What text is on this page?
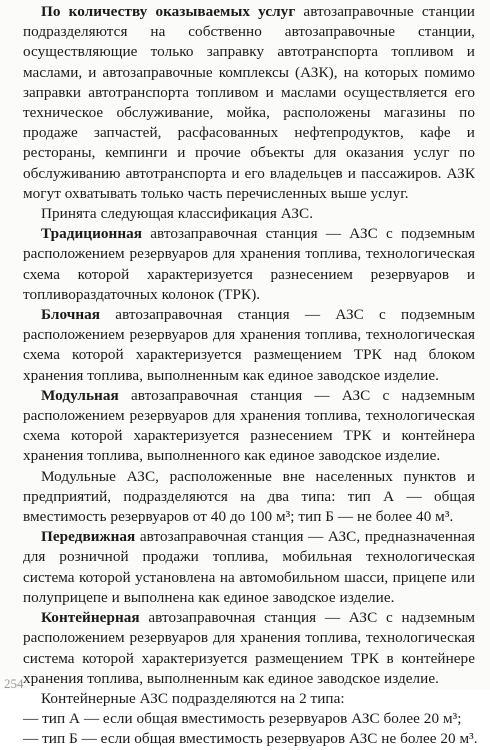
По количеству оказываемых услуг автозаправочные станции подразделяются на собственно автозаправочные станции, осуществляющие только заправку автотранспорта топливом и маслами, и автозаправочные комплексы (АЗК), на которых помимо заправки автотранспорта топливом и маслами осуществляется его техническое обслуживание, мойка, расположены магазины по продаже запчастей, расфасованных нефтепродуктов, кафе и рестораны, кемпинги и прочие объекты для оказания услуг по обслуживанию автотранспорта и его владельцев и пассажиров. АЗК могут охватывать только часть перечисленных выше услуг.

Принята следующая классификация АЗС.

Традиционная автозаправочная станция — АЗС с подземным расположением резервуаров для хранения топлива, технологическая схема которой характеризуется разнесением резервуаров и топливораздаточных колонок (ТРК).

Блочная автозаправочная станция — АЗС с подземным расположением резервуаров для хранения топлива, технологическая схема которой характеризуется размещением ТРК над блоком хранения топлива, выполненным как единое заводское изделие.

Модульная автозаправочная станция — АЗС с надземным расположением резервуаров для хранения топлива, технологическая схема которой характеризуется разнесением ТРК и контейнера хранения топлива, выполненного как единое заводское изделие.

Модульные АЗС, расположенные вне населенных пунктов и предприятий, подразделяются на два типа: тип А — общая вместимость резервуаров от 40 до 100 м³; тип Б — не более 40 м³.

Передвижная автозаправочная станция — АЗС, предназначенная для розничной продажи топлива, мобильная технологическая система которой установлена на автомобильном шасси, прицепе или полуприцепе и выполнена как единое заводское изделие.

Контейнерная автозаправочная станция — АЗС с надземным расположением резервуаров для хранения топлива, технологическая система которой характеризуется размещением ТРК в контейнере хранения топлива, выполненным как единое заводское изделие.

Контейнерные АЗС подразделяются на 2 типа:

— тип А — если общая вместимость резервуаров АЗС более 20 м³;

— тип Б — если общая вместимость резервуаров АЗС не более 20 м³.

254
